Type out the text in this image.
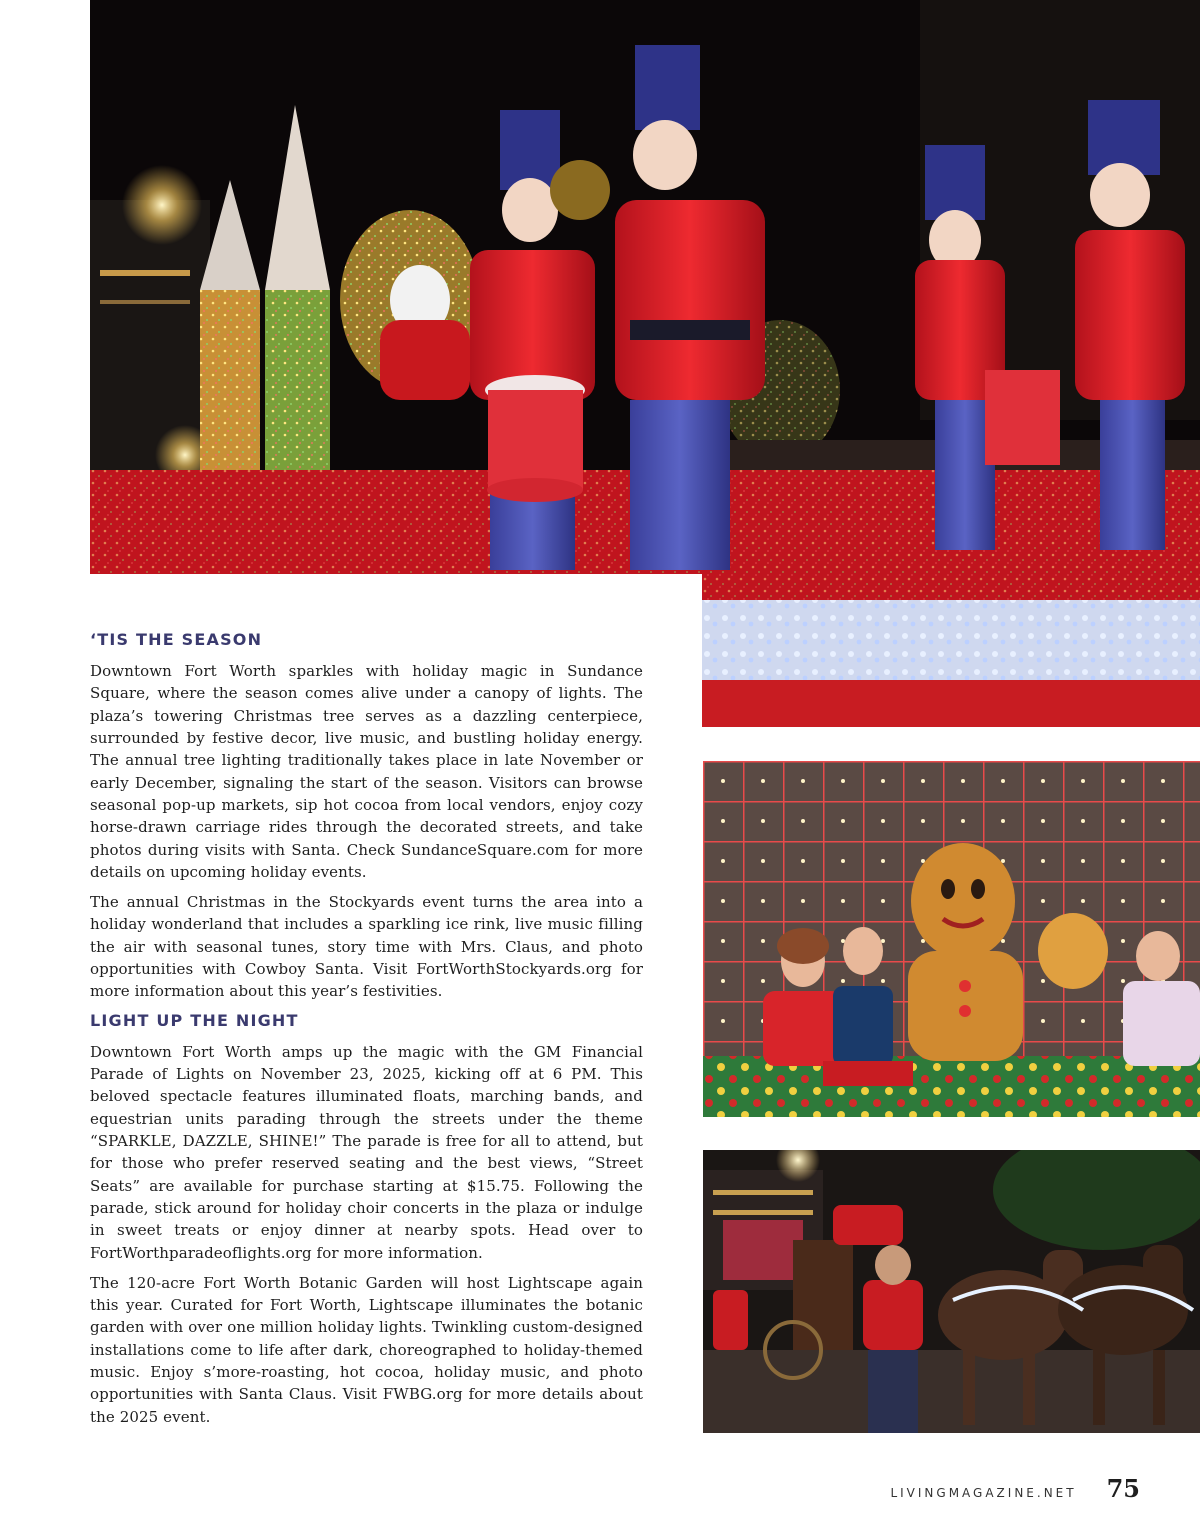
‘TIS THE SEASON

Downtown Fort Worth sparkles with holiday magic in Sundance Square, where the season comes alive under a canopy of lights. The plaza’s towering Christmas tree serves as a dazzling centerpiece, surrounded by festive decor, live music, and bustling holiday energy. The annual tree lighting traditionally takes place in late November or early December, signaling the start of the season. Visitors can browse seasonal pop-up markets, sip hot cocoa from local vendors, enjoy cozy horse-drawn carriage rides through the decorated streets, and take photos during visits with Santa. Check SundanceSquare.com for more details on upcoming holiday events.

The annual Christmas in the Stockyards event turns the area into a holiday wonderland that includes a sparkling ice rink, live music filling the air with seasonal tunes, story time with Mrs. Claus, and photo opportunities with Cowboy Santa. Visit FortWorthStockyards.org for more information about this year’s festivities.

LIGHT UP THE NIGHT

Downtown Fort Worth amps up the magic with the GM Financial Parade of Lights on November 23, 2025, kicking off at 6 PM. This beloved spectacle features illuminated floats, marching bands, and equestrian units parading through the streets under the theme “SPARKLE, DAZZLE, SHINE!” The parade is free for all to attend, but for those who prefer reserved seating and the best views, “Street Seats” are available for purchase starting at $15.75. Following the parade, stick around for holiday choir concerts in the plaza or indulge in sweet treats or enjoy dinner at nearby spots. Head over to FortWorthparadeoflights.org for more information.

The 120-acre Fort Worth Botanic Garden will host Lightscape again this year. Curated for Fort Worth, Lightscape illuminates the botanic garden with over one million holiday lights. Twinkling custom-designed installations come to life after dark, choreographed to holiday-themed music. Enjoy s’more-roasting, hot cocoa, holiday music, and photo opportunities with Santa Claus. Visit FWBG.org for more details about the 2025 event.

LIVINGMAGAZINE.NET 75
